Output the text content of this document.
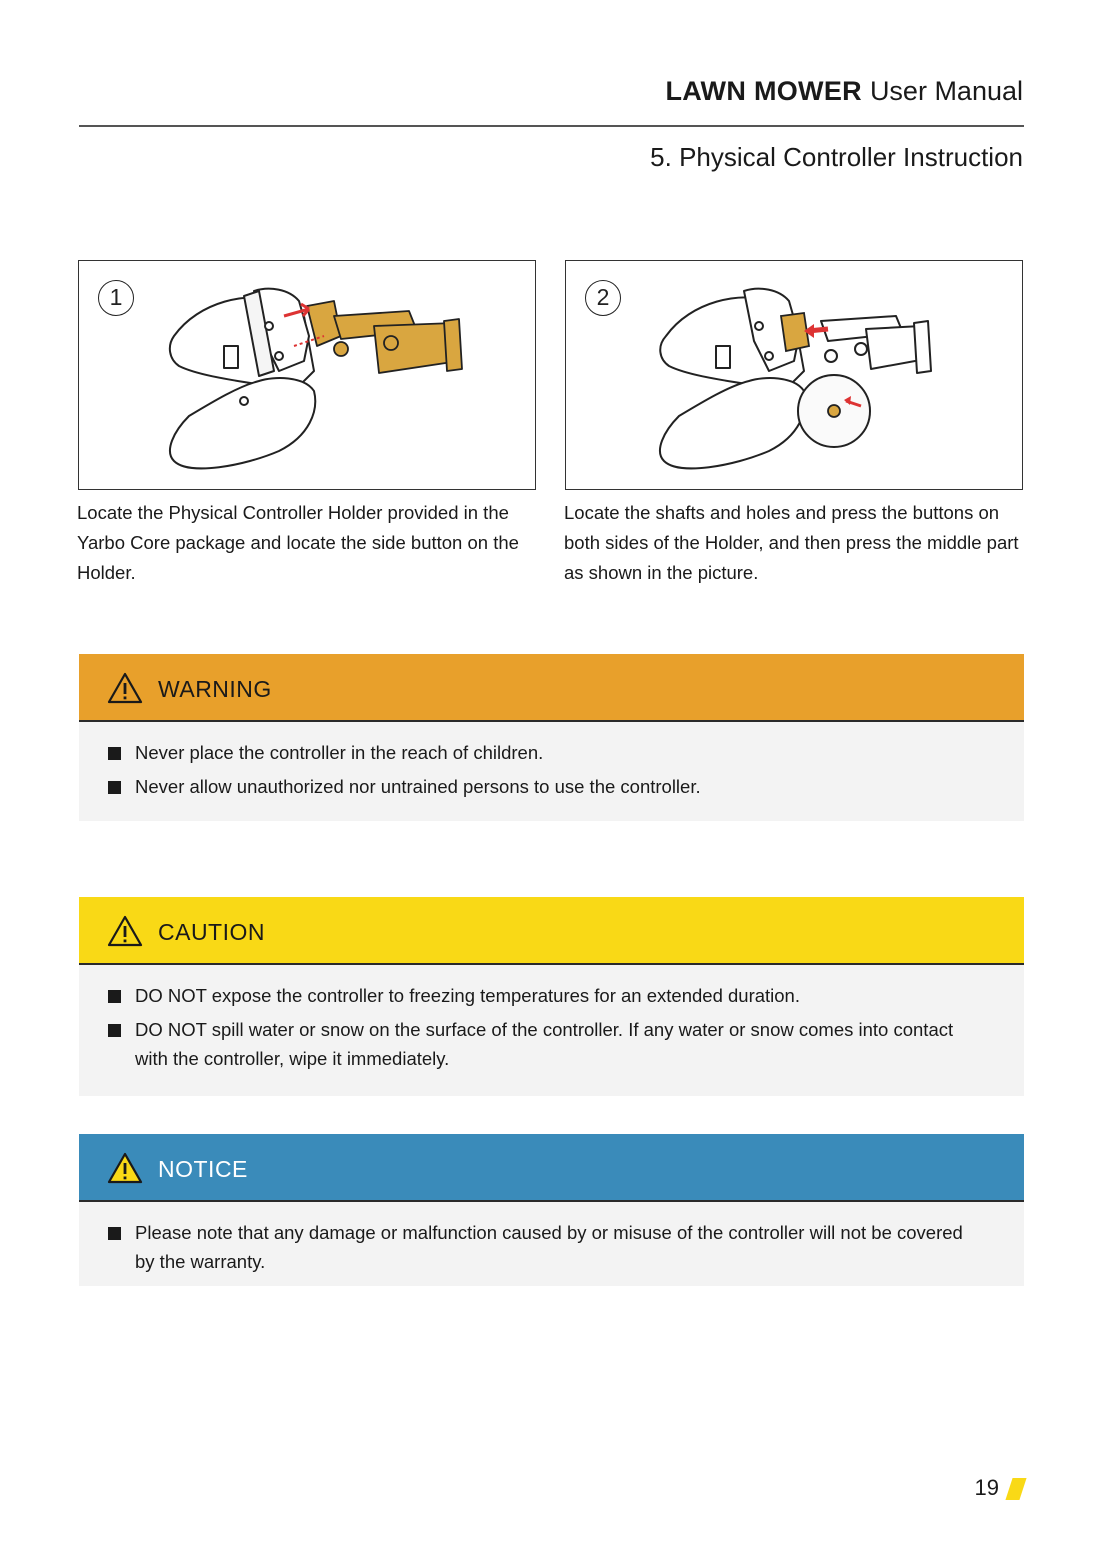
LAWN MOWER User Manual
5. Physical Controller Instruction
1
Locate the Physical Controller Holder provided in the Yarbo Core package and locate the side button on the Holder.
2
Locate the shafts and holes and press the buttons on both sides of the Holder, and then press the middle part as shown in the picture.
WARNING
Never place the controller in the reach of children.
Never allow unauthorized nor untrained persons to use the controller.
CAUTION
DO NOT expose the controller to freezing temperatures for an extended duration.
DO NOT spill water or snow on the surface of the controller. If any water or snow comes into contact with the controller, wipe it immediately.
NOTICE
Please note that any damage or malfunction caused by or misuse of the controller will not be covered by the warranty.
19
